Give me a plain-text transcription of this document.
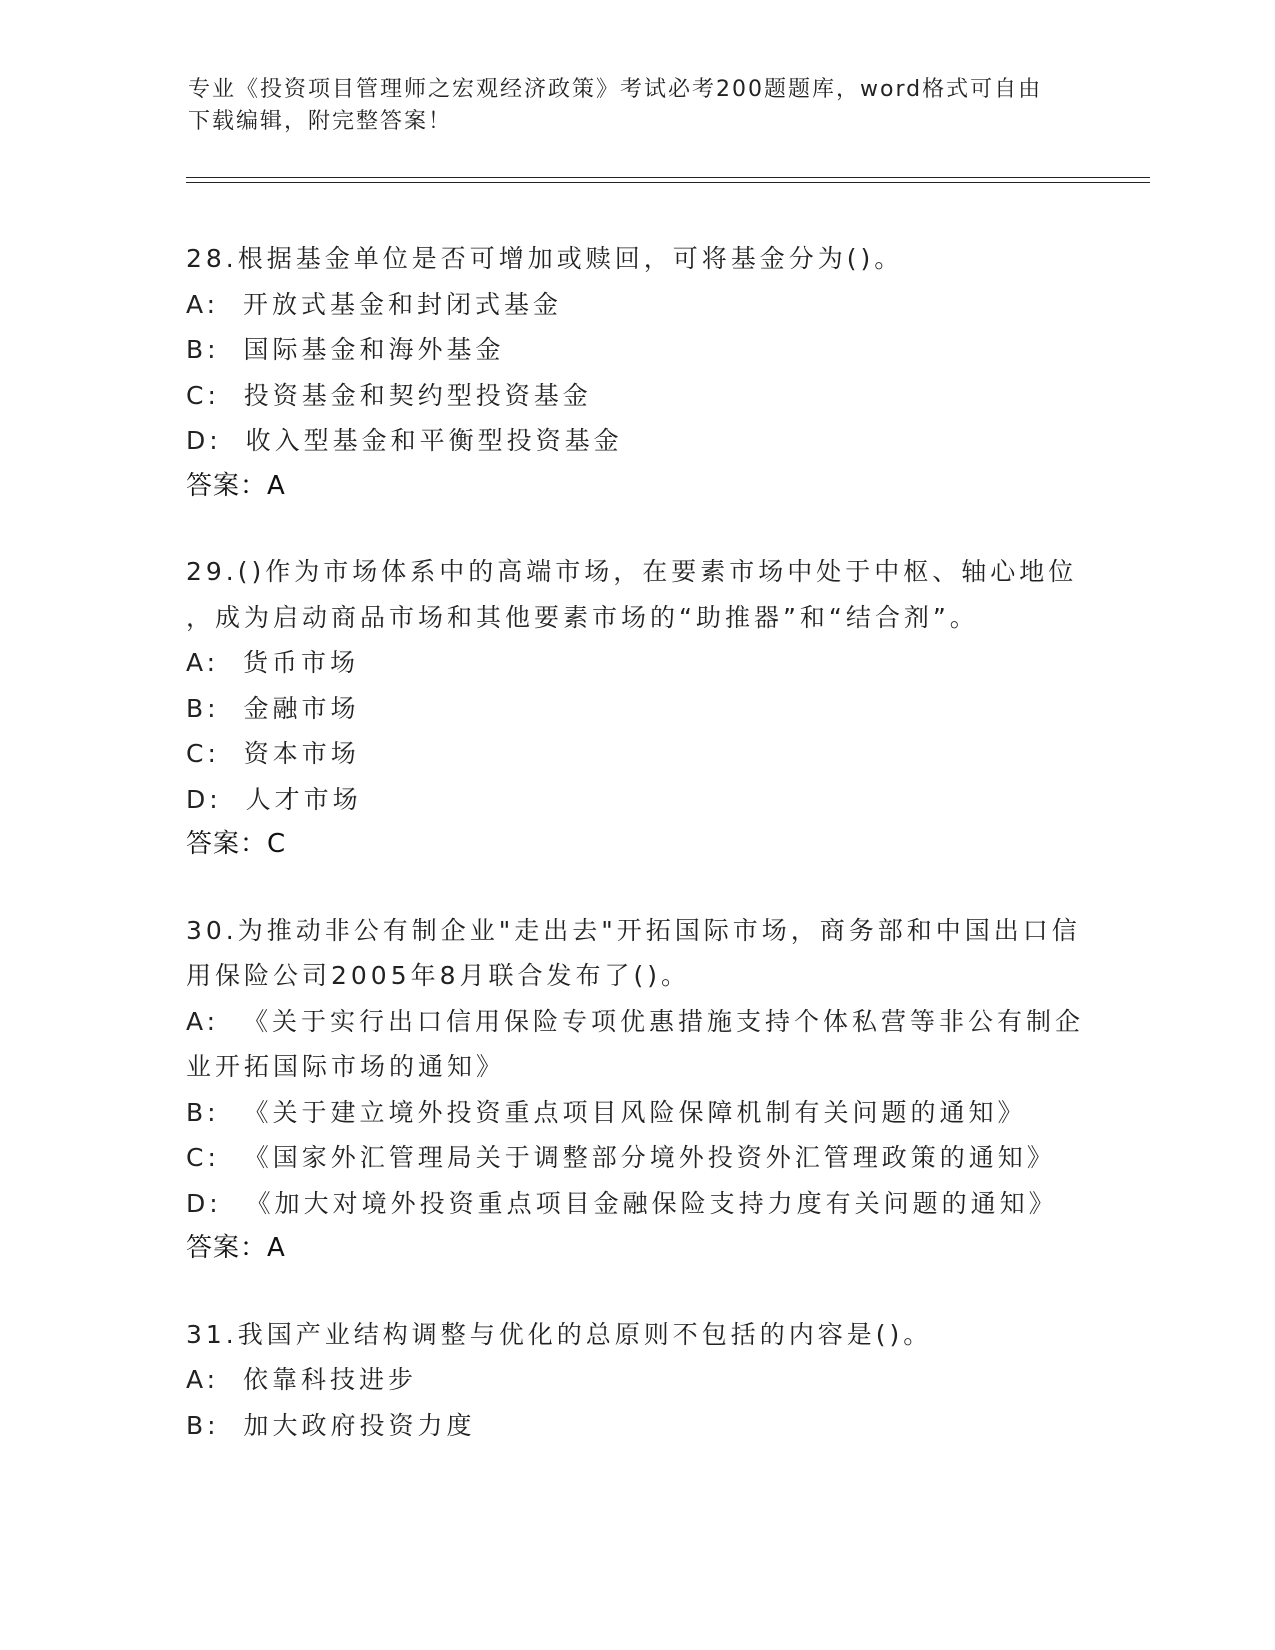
专业《投资项目管理师之宏观经济政策》考试必考200题题库，word格式可自由
下载编辑，附完整答案！
28.根据基金单位是否可增加或赎回，可将基金分为()。
A:  开放式基金和封闭式基金
B:  国际基金和海外基金
C:  投资基金和契约型投资基金
D:  收入型基金和平衡型投资基金
答案：A
29.()作为市场体系中的高端市场，在要素市场中处于中枢、轴心地位
，成为启动商品市场和其他要素市场的“助推器”和“结合剂”。
A:  货币市场
B:  金融市场
C:  资本市场
D:  人才市场
答案：C
30.为推动非公有制企业"走出去"开拓国际市场，商务部和中国出口信
用保险公司2005年8月联合发布了()。
A:  《关于实行出口信用保险专项优惠措施支持个体私营等非公有制企
业开拓国际市场的通知》
B:  《关于建立境外投资重点项目风险保障机制有关问题的通知》
C:  《国家外汇管理局关于调整部分境外投资外汇管理政策的通知》
D:  《加大对境外投资重点项目金融保险支持力度有关问题的通知》
答案：A
31.我国产业结构调整与优化的总原则不包括的内容是()。
A:  依靠科技进步
B:  加大政府投资力度
